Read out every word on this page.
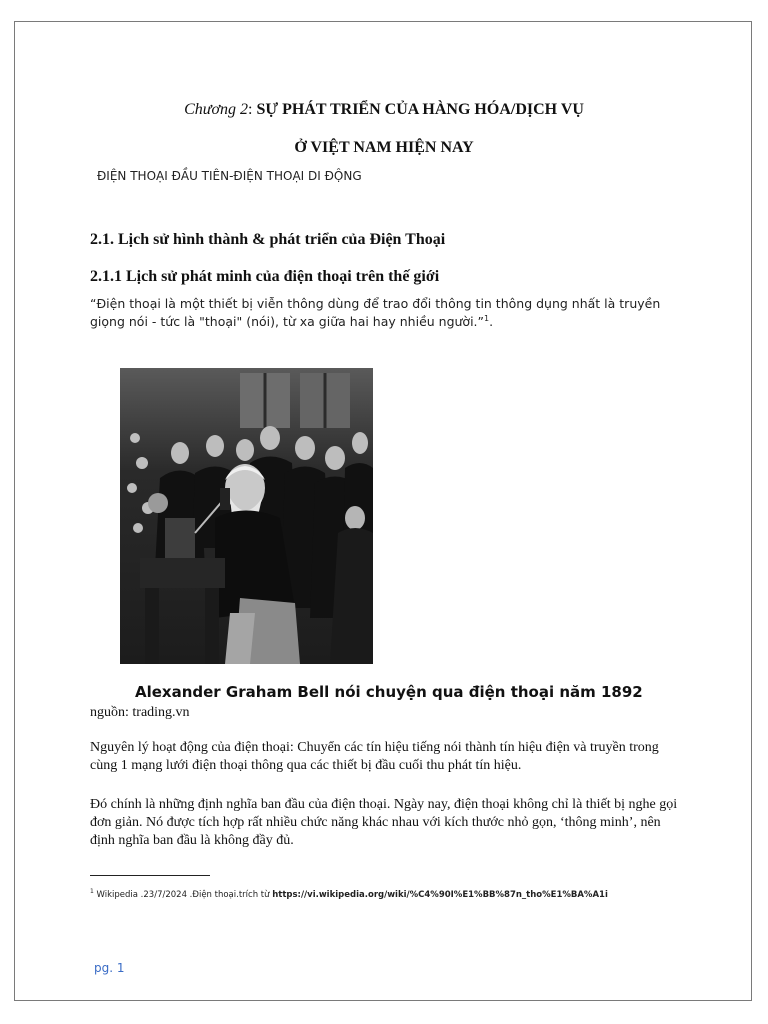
Chương 2: SỰ PHÁT TRIỂN CỦA HÀNG HÓA/DỊCH VỤ
Ở VIỆT NAM HIỆN NAY
ĐIỆN THOẠI ĐẦU TIÊN-ĐIỆN THOẠI DI ĐỘNG
2.1. Lịch sử hình thành & phát triển của Điện Thoại
2.1.1 Lịch sử phát minh của điện thoại trên thế giới
“Điện thoại là một thiết bị viễn thông dùng để trao đổi thông tin thông dụng nhất là truyền giọng nói - tức là "thoại" (nói), từ xa giữa hai hay nhiều người.”$^1$.
Alexander Graham Bell nói chuyện qua điện thoại năm 1892
nguồn: trading.vn
Nguyên lý hoạt động của điện thoại: Chuyển các tín hiệu tiếng nói thành tín hiệu điện và truyền trong cùng 1 mạng lưới điện thoại thông qua các thiết bị đầu cuối thu phát tín hiệu.
Đó chính là những định nghĩa ban đầu của điện thoại. Ngày nay, điện thoại không chỉ là thiết bị nghe gọi đơn giản. Nó được tích hợp rất nhiều chức năng khác nhau với kích thước nhỏ gọn, ‘thông minh’, nên định nghĩa ban đầu là không đầy đủ.
$^1$ Wikipedia .23/7/2024 .Điện thoại.trích từ https://vi.wikipedia.org/wiki/%C4%90I%E1%BB%87n_tho%E1%BA%A1i
pg. 1
